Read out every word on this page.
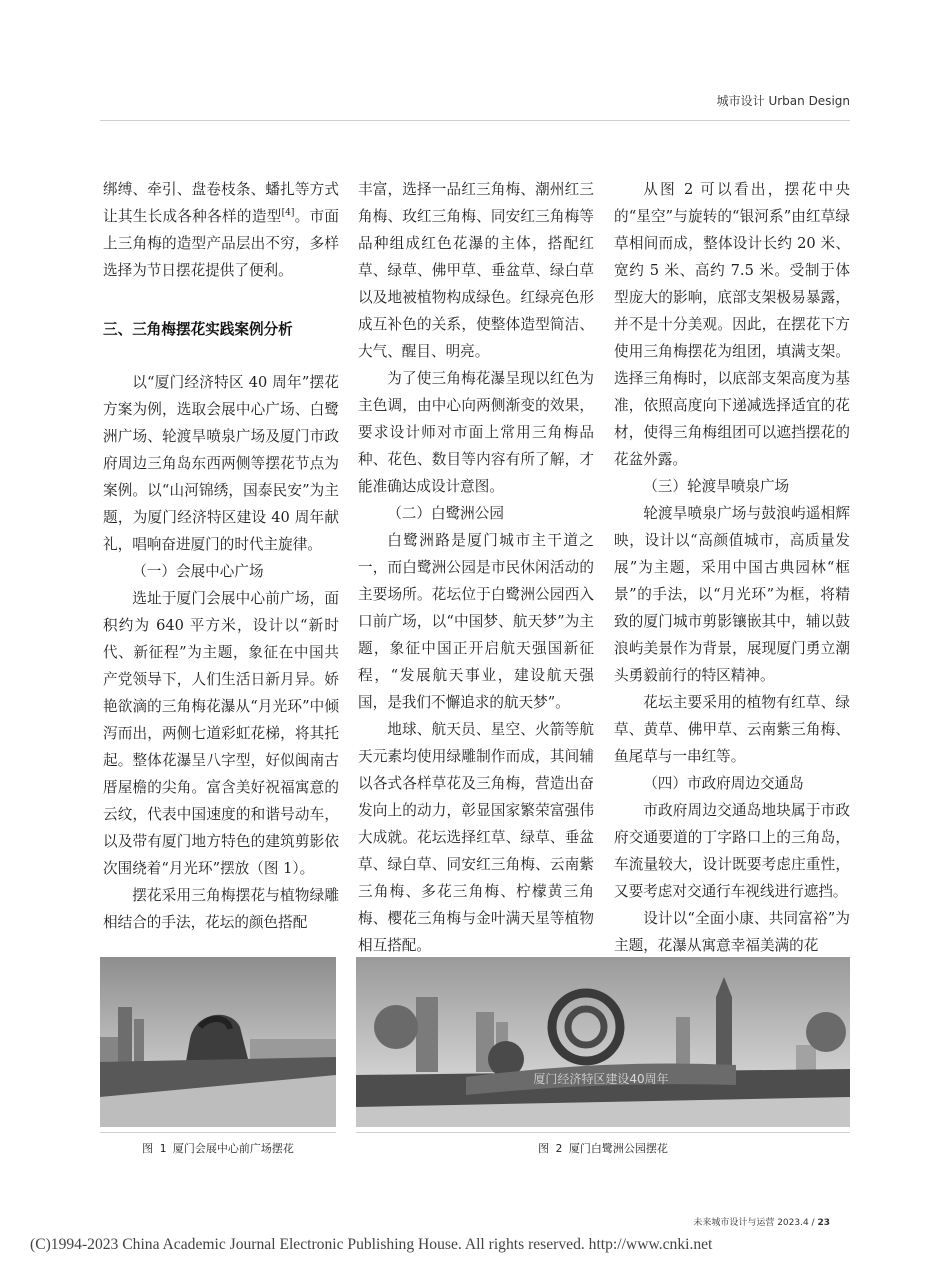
城市设计 Urban Design

绑缚、牵引、盘卷枝条、蟠扎等方式让其生长成各种各样的造型[4]。市面上三角梅的造型产品层出不穷，多样选择为节日摆花提供了便利。

三、三角梅摆花实践案例分析

以“厦门经济特区 40 周年”摆花方案为例，选取会展中心广场、白鹭洲广场、轮渡旱喷泉广场及厦门市政府周边三角岛东西两侧等摆花节点为案例。以“山河锦绣，国泰民安”为主题，为厦门经济特区建设 40 周年献礼，唱响奋进厦门的时代主旋律。

（一）会展中心广场

选址于厦门会展中心前广场，面积约为 640 平方米，设计以“新时代、新征程”为主题，象征在中国共产党领导下，人们生活日新月异。娇艳欲滴的三角梅花瀑从“月光环”中倾泻而出，两侧七道彩虹花梯，将其托起。整体花瀑呈八字型，好似闽南古厝屋檐的尖角。富含美好祝福寓意的云纹，代表中国速度的和谐号动车，以及带有厦门地方特色的建筑剪影依次围绕着“月光环”摆放（图 1）。

摆花采用三角梅摆花与植物绿雕相结合的手法，花坛的颜色搭配

丰富，选择一品红三角梅、潮州红三角梅、玫红三角梅、同安红三角梅等品种组成红色花瀑的主体，搭配红草、绿草、佛甲草、垂盆草、绿白草以及地被植物构成绿色。红绿亮色形成互补色的关系，使整体造型简洁、大气、醒目、明亮。

为了使三角梅花瀑呈现以红色为主色调，由中心向两侧渐变的效果，要求设计师对市面上常用三角梅品种、花色、数目等内容有所了解，才能准确达成设计意图。

（二）白鹭洲公园

白鹭洲路是厦门城市主干道之一，而白鹭洲公园是市民休闲活动的主要场所。花坛位于白鹭洲公园西入口前广场，以“中国梦、航天梦”为主题，象征中国正开启航天强国新征程，“发展航天事业，建设航天强国，是我们不懈追求的航天梦”。

地球、航天员、星空、火箭等航天元素均使用绿雕制作而成，其间辅以各式各样草花及三角梅，营造出奋发向上的动力，彰显国家繁荣富强伟大成就。花坛选择红草、绿草、垂盆草、绿白草、同安红三角梅、云南紫三角梅、多花三角梅、柠檬黄三角梅、樱花三角梅与金叶满天星等植物相互搭配。

从图 2 可以看出，摆花中央的“星空”与旋转的“银河系”由红草绿草相间而成，整体设计长约 20 米、宽约 5 米、高约 7.5 米。受制于体型庞大的影响，底部支架极易暴露，并不是十分美观。因此，在摆花下方使用三角梅摆花为组团，填满支架。选择三角梅时，以底部支架高度为基准，依照高度向下递减选择适宜的花材，使得三角梅组团可以遮挡摆花的花盆外露。

（三）轮渡旱喷泉广场

轮渡旱喷泉广场与鼓浪屿遥相辉映，设计以“高颜值城市，高质量发展”为主题，采用中国古典园林“框景”的手法，以“月光环”为框，将精致的厦门城市剪影镶嵌其中，辅以鼓浪屿美景作为背景，展现厦门勇立潮头勇毅前行的特区精神。

花坛主要采用的植物有红草、绿草、黄草、佛甲草、云南紫三角梅、鱼尾草与一串红等。

（四）市政府周边交通岛

市政府周边交通岛地块属于市政府交通要道的丁字路口上的三角岛，车流量较大，设计既要考虑庄重性，又要考虑对交通行车视线进行遮挡。

设计以“全面小康、共同富裕”为主题，花瀑从寓意幸福美满的花

图 1 厦门会展中心前广场摆花
厦门经济特区建设40周年
图 2 厦门白鹭洲公园摆花
未来城市设计与运营 2023.4 / 23
(C)1994-2023 China Academic Journal Electronic Publishing House. All rights reserved. http://www.cnki.net
